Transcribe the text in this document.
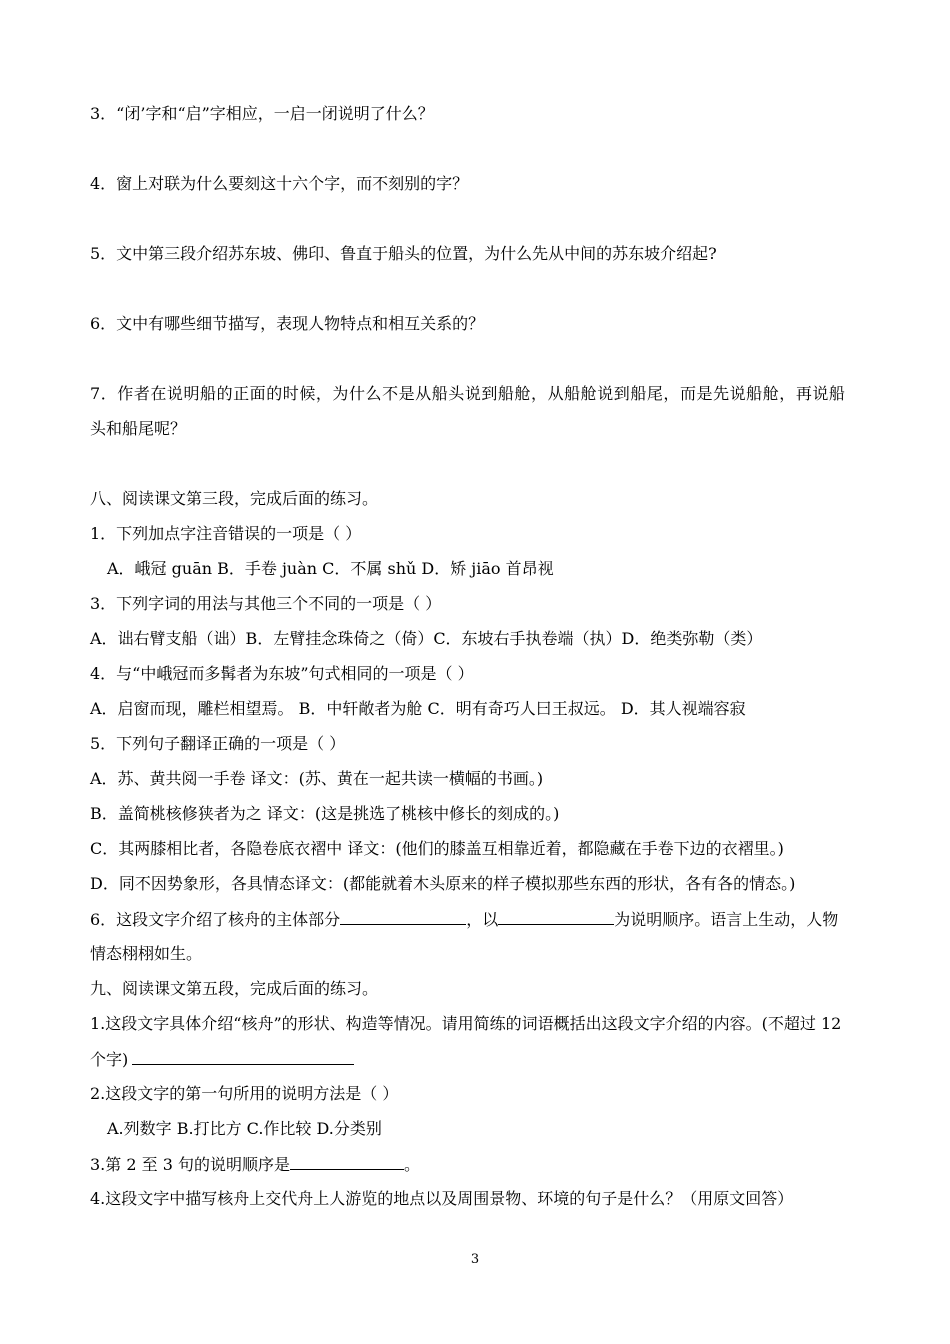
3．“闭’字和“启”字相应，一启一闭说明了什么？
4．窗上对联为什么要刻这十六个字，而不刻别的字？
5．文中第三段介绍苏东坡、佛印、鲁直于船头的位置，为什么先从中间的苏东坡介绍起?
6．文中有哪些细节描写，表现人物特点和相互关系的？
7．作者在说明船的正面的时候，为什么不是从船头说到船舱，从船舱说到船尾，而是先说船舱，再说船
头和船尾呢？
八、阅读课文第三段，完成后面的练习。
1．下列加点字注音错误的一项是（ ）
A．峨冠 guān B．手卷 juàn C．不属 shǔ D．矫 jiāo 首昂视
3．下列字词的用法与其他三个不同的一项是（ ）
A．诎右臂支船（诎）B．左臂挂念珠倚之（倚）C．东坡右手执卷端（执）D．绝类弥勒（类）
4．与“中峨冠而多髯者为东坡”句式相同的一项是（ ）
A．启窗而现，雕栏相望焉。 B．中轩敞者为舱 C．明有奇巧人曰王叔远。 D．其人视端容寂
5．下列句子翻译正确的一项是（ ）
A．苏、黄共阅一手卷 译文：(苏、黄在一起共读一横幅的书画。)
B．盖简桃核修狭者为之 译文：(这是挑选了桃核中修长的刻成的。)
C．其两膝相比者，各隐卷底衣褶中 译文：(他们的膝盖互相靠近着，都隐藏在手卷下边的衣褶里。)
D．同不因势象形，各具情态译文：(都能就着木头原来的样子模拟那些东西的形状，各有各的情态。)
6．这段文字介绍了核舟的主体部分	，以	为说明顺序。语言上生动，人物
情态栩栩如生。
九、阅读课文第五段，完成后面的练习。
1.这段文字具体介绍“核舟”的形状、构造等情况。请用简练的词语概括出这段文字介绍的内容。(不超过 12
个字)
2.这段文字的第一句所用的说明方法是（ ）
A.列数字 B.打比方 C.作比较 D.分类别
3.第 2 至 3 句的说明顺序是	。
4.这段文字中描写核舟上交代舟上人游览的地点以及周围景物、环境的句子是什么？（用原文回答）
3
